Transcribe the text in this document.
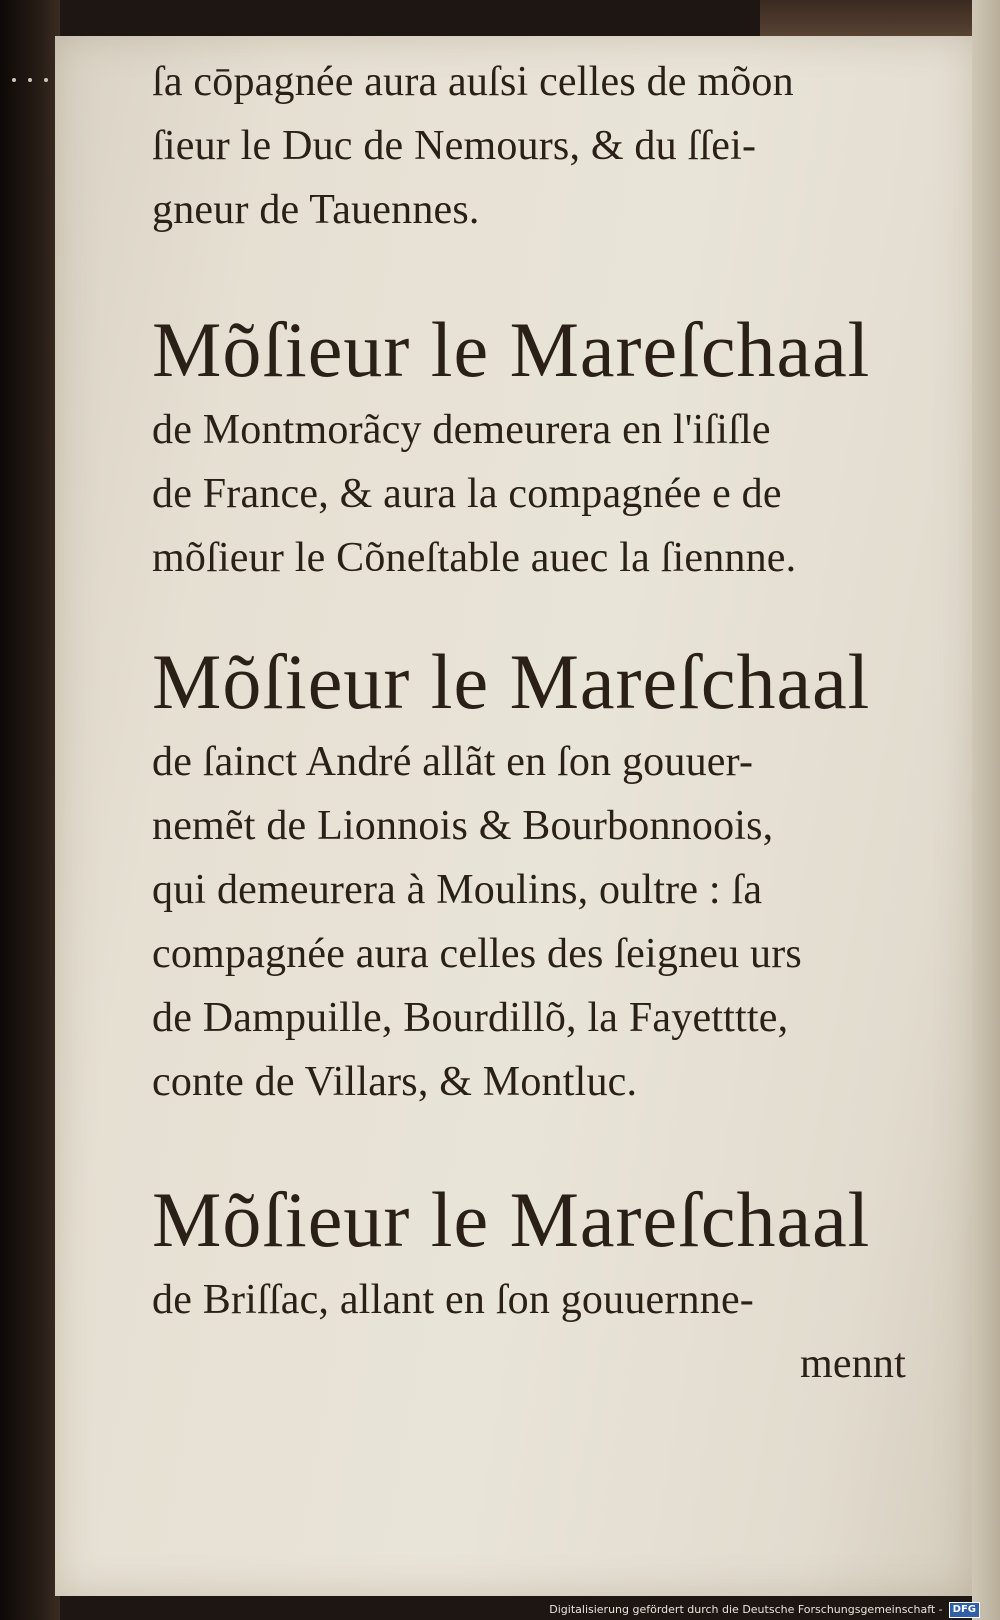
ſa cōpagnée aura auſsi celles de mõon
ſieur le Duc de Nemours, & du ſſei-
gneur de Tauennes.
Mõſieur le Mareſchaal
de Montmorãcy demeurera en l'iſiſle
de France, & aura la compagnée e de
mõſieur le Cõneſtable auec la ſiennne.
Mõſieur le Mareſchaal
de ſainct André allãt en ſon gouuer-
nemẽt de Lionnois & Bourbonnoois,
qui demeurera à Moulins, oultre : ſa
compagnée aura celles des ſeigneu urs
de Dampuille, Bourdillõ, la Fayetttte,
conte de Villars, & Montluc.
Mõſieur le Mareſchaal
de Briſſac, allant en ſon gouuernne-
mennt
Digitalisierung gefördert durch die Deutsche Forschungsgemeinschaft -	DFG
